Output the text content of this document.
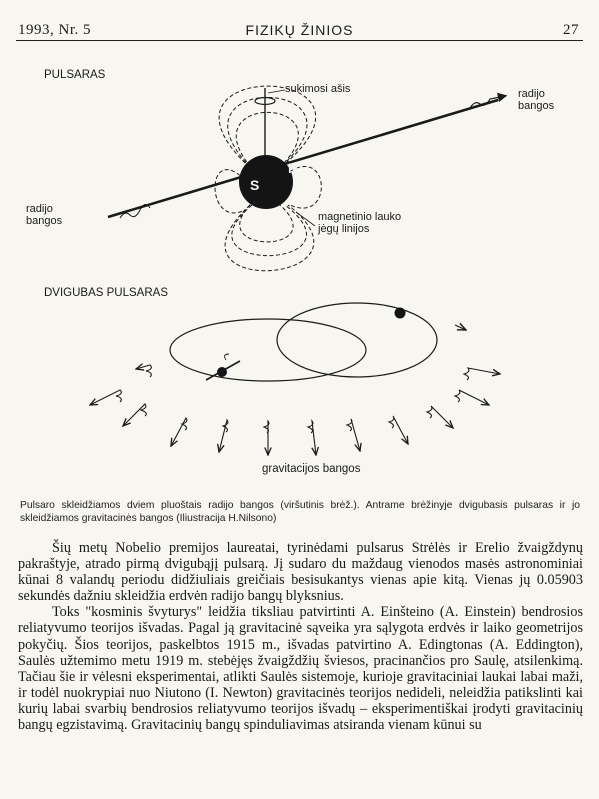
1993, Nr. 5	FIZIKŲ ŽINIOS	27
S
N
PULSARAS
sukimosi ašis	radijo
bangos
radijo
bangos	magnetinio lauko
jėgų linijos
DVIGUBAS PULSARAS
gravitacijos bangos
Pulsaro skleidžiamos dviem pluoštais radijo bangos (viršutinis brėž.). Antrame brėžinyje dvigubasis pulsaras ir jo skleidžiamos gravitacinės bangos (Iliustracija H.Nilsono)

Šių metų Nobelio premijos laureatai, tyrinėdami pulsarus Strėlės ir Erelio žvaigždynų pakraštyje, atrado pirmą dvigubąjį pulsarą. Jį sudaro du maždaug vienodos masės astronominiai kūnai 8 valandų periodu didžiuliais greičiais besisukantys vienas apie kitą. Vienas jų 0.05903 sekundės dažniu skleidžia erdvėn radijo bangų blyksnius.

Toks "kosminis švyturys" leidžia tiksliau patvirtinti A. Einšteino (A. Einstein) bendrosios reliatyvumo teorijos išvadas. Pagal ją gravitacinė sąveika yra sąlygota erdvės ir laiko geometrijos pokyčių. Šios teorijos, paskelbtos 1915 m., išvadas patvirtino A. Edingtonas (A. Eddington), Saulės užtemimo metu 1919 m. stebėjęs žvaigždžių šviesos, pracinančios pro Saulę, atsilenkimą. Tačiau šie ir vėlesni eksperimentai, atlikti Saulės sistemoje, kurioje gravitaciniai laukai labai maži, ir todėl nuokrypiai nuo Niutono (I. Newton) gravitacinės teorijos nedideli, neleidžia patikslinti kai kurių labai svarbių bendrosios reliatyvumo teorijos išvadų – eksperimentiškai įrodyti gravitacinių bangų egzistavimą. Gravitacinių bangų spinduliavimas atsiranda vienam kūnui su
